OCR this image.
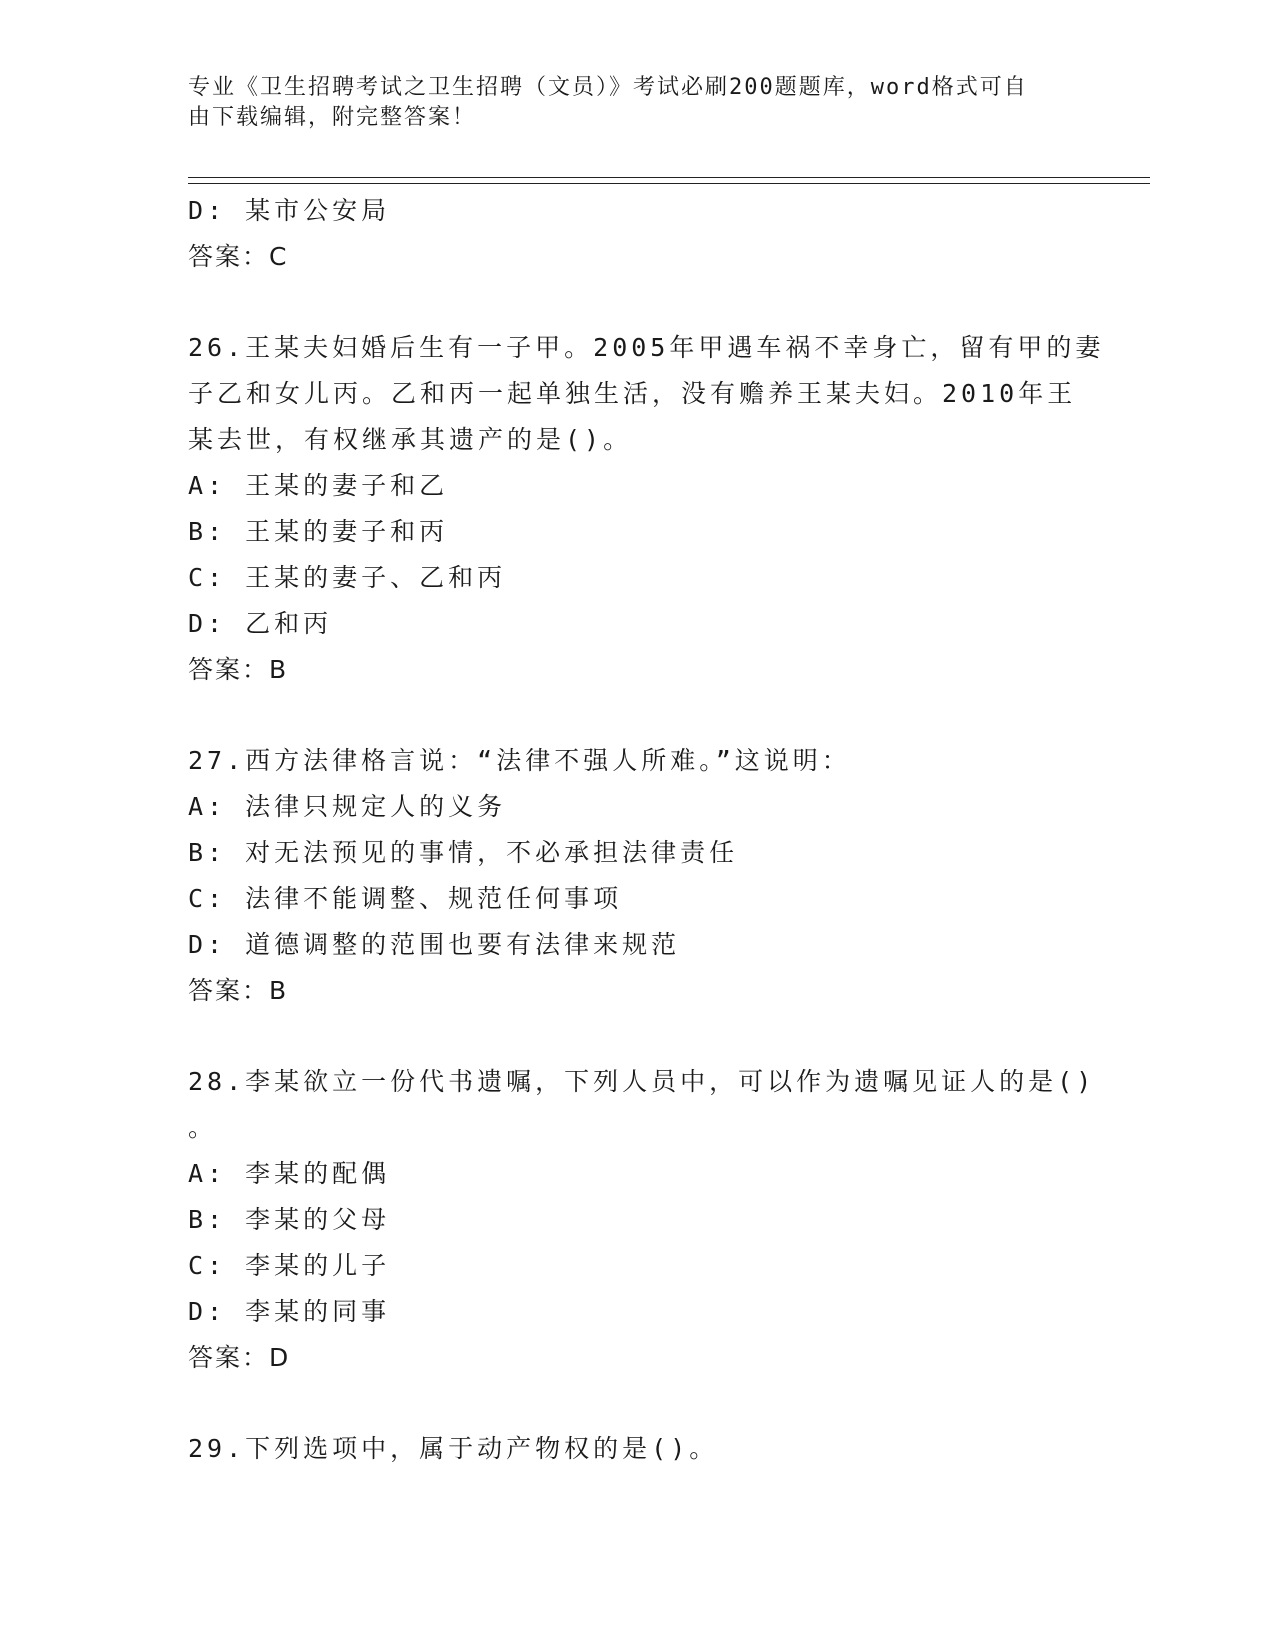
专业《卫生招聘考试之卫生招聘（文员）》考试必刷200题题库，word格式可自
由下载编辑，附完整答案！
D: 某市公安局
答案：C
26.王某夫妇婚后生有一子甲。2005年甲遇车祸不幸身亡，留有甲的妻
子乙和女儿丙。乙和丙一起单独生活，没有赡养王某夫妇。2010年王
某去世，有权继承其遗产的是()。
A: 王某的妻子和乙
B: 王某的妻子和丙
C: 王某的妻子、乙和丙
D: 乙和丙
答案：B
27.西方法律格言说：“法律不强人所难。”这说明：
A: 法律只规定人的义务
B: 对无法预见的事情，不必承担法律责任
C: 法律不能调整、规范任何事项
D: 道德调整的范围也要有法律来规范
答案：B
28.李某欲立一份代书遗嘱，下列人员中，可以作为遗嘱见证人的是()
。
A: 李某的配偶
B: 李某的父母
C: 李某的儿子
D: 李某的同事
答案：D
29.下列选项中，属于动产物权的是()。
